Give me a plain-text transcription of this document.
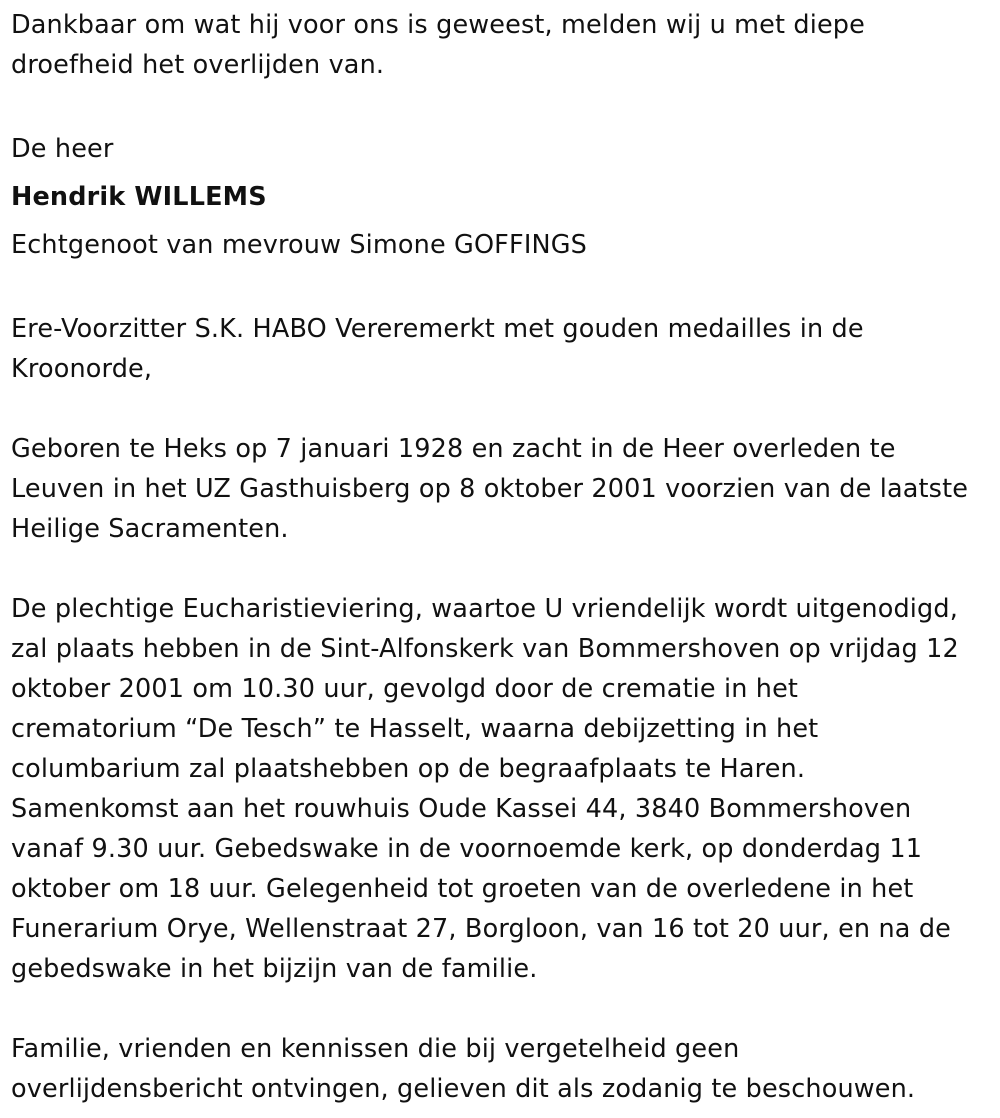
Dankbaar om wat hij voor ons is geweest, melden wij u met diepe
droefheid het overlijden van.

De heer

Hendrik WILLEMS

Echtgenoot van mevrouw Simone GOFFINGS

Ere-Voorzitter S.K. HABO Vereremerkt met gouden medailles in de
Kroonorde,

Geboren te Heks op 7 januari 1928 en zacht in de Heer overleden te
Leuven in het UZ Gasthuisberg op 8 oktober 2001 voorzien van de laatste
Heilige Sacramenten.

De plechtige Eucharistieviering, waartoe U vriendelijk wordt uitgenodigd,
zal plaats hebben in de Sint-Alfonskerk van Bommershoven op vrijdag 12
oktober 2001 om 10.30 uur, gevolgd door de crematie in het
crematorium “De Tesch” te Hasselt, waarna debijzetting in het
columbarium zal plaatshebben op de begraafplaats te Haren.
Samenkomst aan het rouwhuis Oude Kassei 44, 3840 Bommershoven
vanaf 9.30 uur. Gebedswake in de voornoemde kerk, op donderdag 11
oktober om 18 uur. Gelegenheid tot groeten van de overledene in het
Funerarium Orye, Wellenstraat 27, Borgloon, van 16 tot 20 uur, en na de
gebedswake in het bijzijn van de familie.

Familie, vrienden en kennissen die bij vergetelheid geen
overlijdensbericht ontvingen, gelieven dit als zodanig te beschouwen.
